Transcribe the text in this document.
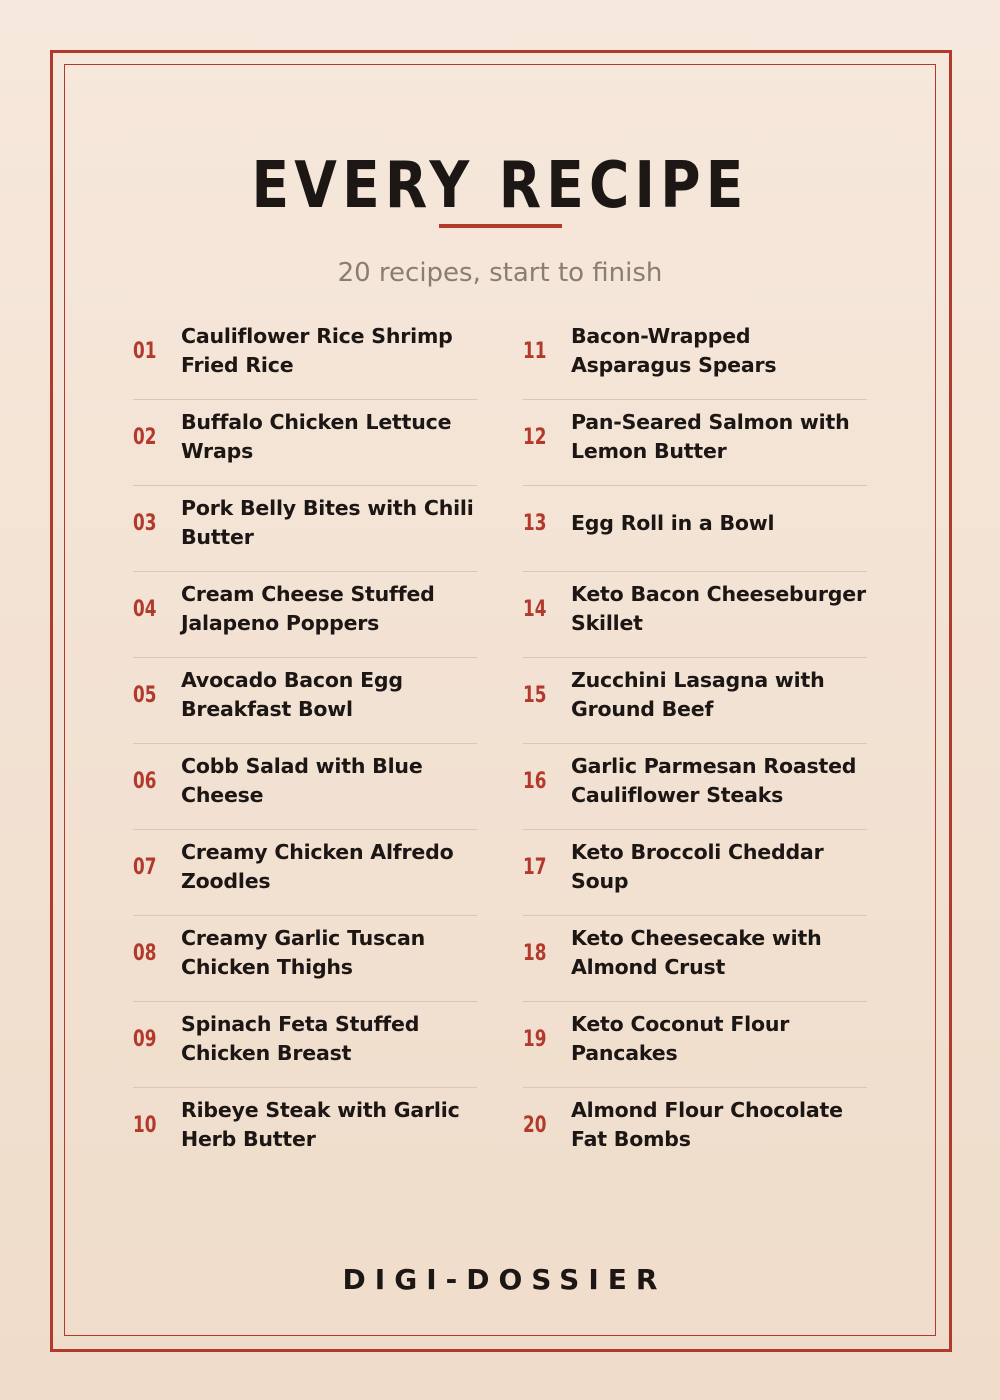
EVERY RECIPE
20 recipes, start to finish
01
Cauliflower Rice Shrimp Fried Rice
02
Buffalo Chicken Lettuce Wraps
03
Pork Belly Bites with Chili Butter
04
Cream Cheese Stuffed Jalapeno Poppers
05
Avocado Bacon Egg Breakfast Bowl
06
Cobb Salad with Blue Cheese
07
Creamy Chicken Alfredo Zoodles
08
Creamy Garlic Tuscan Chicken Thighs
09
Spinach Feta Stuffed Chicken Breast
10
Ribeye Steak with Garlic Herb Butter
11
Bacon-Wrapped Asparagus Spears
12
Pan-Seared Salmon with Lemon Butter
13	Egg Roll in a Bowl
14
Keto Bacon Cheeseburger Skillet
15
Zucchini Lasagna with Ground Beef
16
Garlic Parmesan Roasted Cauliflower Steaks
17
Keto Broccoli Cheddar Soup
18
Keto Cheesecake with Almond Crust
19
Keto Coconut Flour Pancakes
20
Almond Flour Chocolate Fat Bombs
DIGI-DOSSIER
